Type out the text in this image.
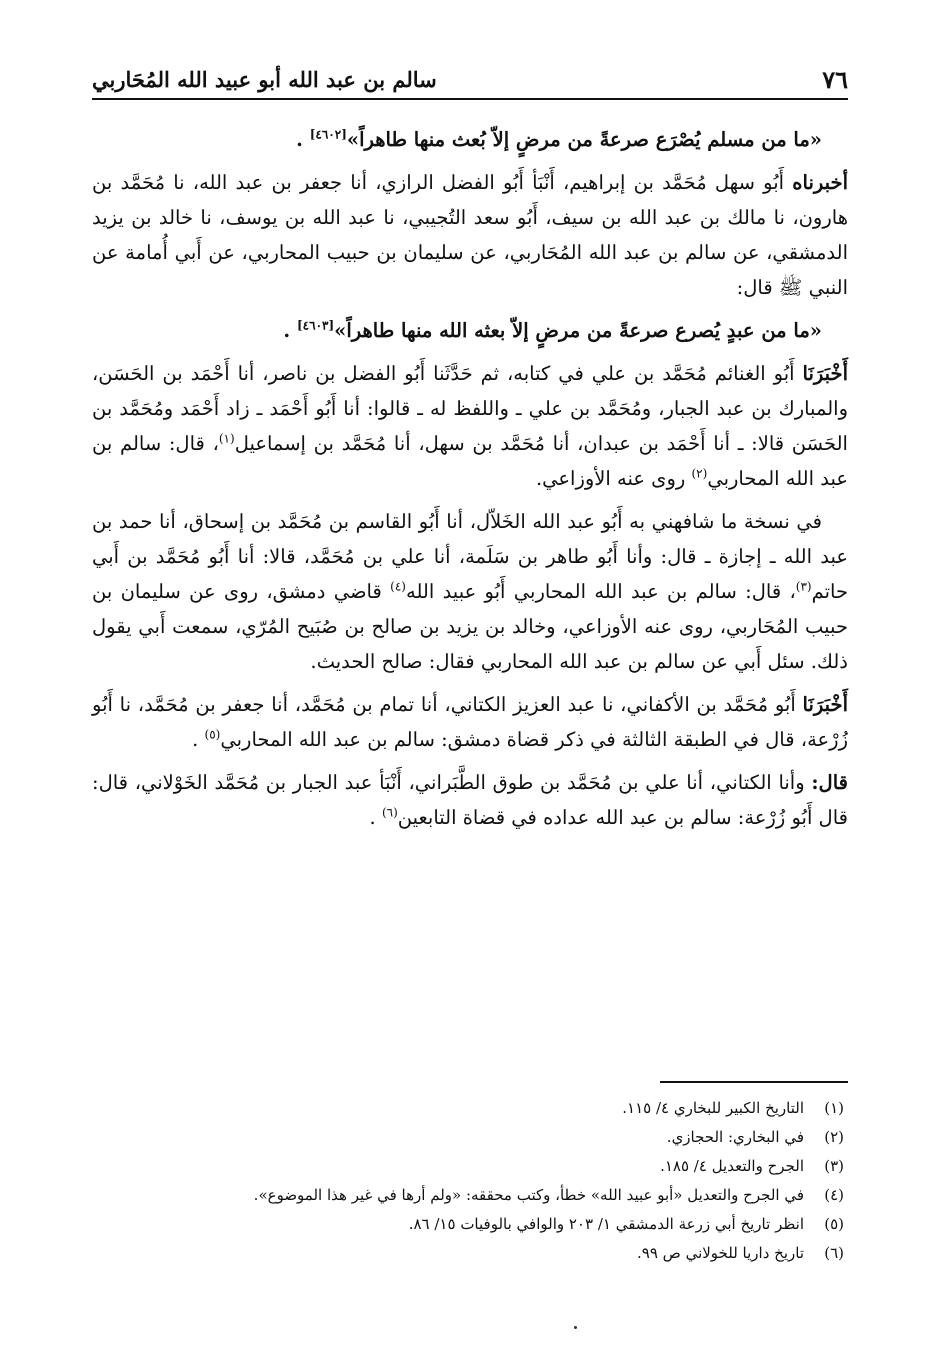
٧٦
سالم بن عبد الله أبو عبيد الله المُحَاربي

«ما من مسلم يُصْرَع صرعةً من مرضٍ إلاّ بُعث منها طاهراً»[٤٦٠٢] .

أخبرناه أَبُو سهل مُحَمَّد بن إبراهيم، أَنْبَأ أَبُو الفضل الرازي، أنا جعفر بن عبد الله، نا مُحَمَّد بن هارون، نا مالك بن عبد الله بن سيف، أَبُو سعد التُجيبي، نا عبد الله بن يوسف، نا خالد بن يزيد الدمشقي، عن سالم بن عبد الله المُحَاربي، عن سليمان بن حبيب المحاربي، عن أَبي أُمامة عن النبي ﷺ قال:

«ما من عبدٍ يُصرع صرعةً من مرضٍ إلاّ بعثه الله منها طاهراً»[٤٦٠٣] .

أَخْبَرَنَا أَبُو الغنائم مُحَمَّد بن علي في كتابه، ثم حَدَّثَنا أَبُو الفضل بن ناصر، أنا أَحْمَد بن الحَسَن، والمبارك بن عبد الجبار، ومُحَمَّد بن علي ـ واللفظ له ـ قالوا: أنا أَبُو أَحْمَد ـ زاد أَحْمَد ومُحَمَّد بن الحَسَن قالا: ـ أنا أَحْمَد بن عبدان، أنا مُحَمَّد بن سهل، أنا مُحَمَّد بن إسماعيل$^{(١)}$، قال: سالم بن عبد الله المحاربي$^{(٢)}$ روى عنه الأوزاعي.

في نسخة ما شافهني به أَبُو عبد الله الخَلاّل، أنا أَبُو القاسم بن مُحَمَّد بن إسحاق، أنا حمد بن عبد الله ـ إجازة ـ قال: وأنا أَبُو طاهر بن سَلَمة، أنا علي بن مُحَمَّد، قالا: أنا أَبُو مُحَمَّد بن أَبي حاتم$^{(٣)}$، قال: سالم بن عبد الله المحاربي أَبُو عبيد الله$^{(٤)}$ قاضي دمشق، روى عن سليمان بن حبيب المُحَاربي، روى عنه الأوزاعي، وخالد بن يزيد بن صالح بن صُبَيح المُرّي، سمعت أَبي يقول ذلك. سئل أَبي عن سالم بن عبد الله المحاربي فقال: صالح الحديث.

أَخْبَرَنَا أَبُو مُحَمَّد بن الأكفاني، نا عبد العزيز الكتاني، أنا تمام بن مُحَمَّد، أنا جعفر بن مُحَمَّد، نا أَبُو زُرْعة، قال في الطبقة الثالثة في ذكر قضاة دمشق: سالم بن عبد الله المحاربي$^{(٥)}$ .

قال: وأنا الكتاني، أنا علي بن مُحَمَّد بن طوق الطَّبَراني، أَنْبَأ عبد الجبار بن مُحَمَّد الخَوْلاني، قال: قال أَبُو زُرْعة: سالم بن عبد الله عداده في قضاة التابعين$^{(٦)}$ .

(١)
التاريخ الكبير للبخاري ٤/ ١١٥.
(٢)
في البخاري: الحجازي.
(٣)
الجرح والتعديل ٤/ ١٨٥.
(٤)
في الجرح والتعديل «أبو عبيد الله» خطأ، وكتب محققه: «ولم أرها في غير هذا الموضوع».
(٥)
انظر تاريخ أبي زرعة الدمشقي ١/ ٢٠٣ والوافي بالوفيات ١٥/ ٨٦.
(٦)
تاريخ داريا للخولاني ص ٩٩.
